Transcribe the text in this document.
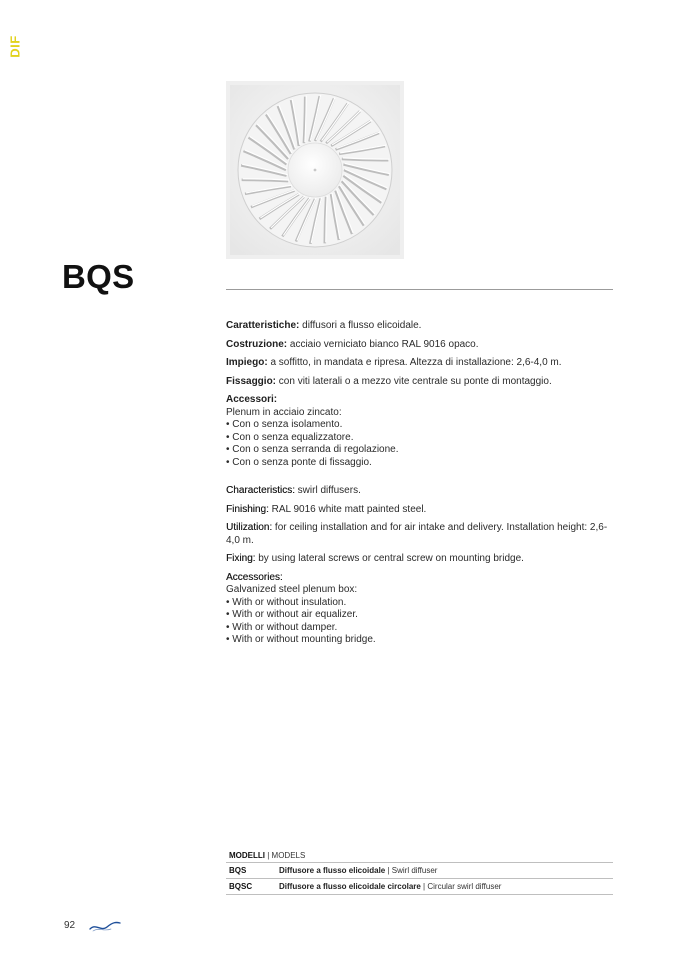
DIF
BQS

Caratteristiche: diffusori a flusso elicoidale.

Costruzione: acciaio verniciato bianco RAL 9016 opaco.

Impiego: a soffitto, in mandata e ripresa. Altezza di installazione: 2,6-4,0 m.

Fissaggio: con viti laterali o a mezzo vite centrale su ponte di montaggio.

Accessori:
Plenum in acciaio zincato:
• Con o senza isolamento.
• Con o senza equalizzatore.
• Con o senza serranda di regolazione.
• Con o senza ponte di fissaggio.

Characteristics: swirl diffusers.

Finishing: RAL 9016 white matt painted steel.

Utilization: for ceiling installation and for air intake and delivery. Installation height: 2,6-4,0 m.

Fixing: by using lateral screws or central screw on mounting bridge.

Accessories:
Galvanized steel plenum box:
• With or without insulation.
• With or without air equalizer.
• With or without damper.
• With or without mounting bridge.
MODELLI | MODELS
BQS	Diffusore a flusso elicoidale | Swirl diffuser
BQSC	Diffusore a flusso elicoidale circolare | Circular swirl diffuser
92
